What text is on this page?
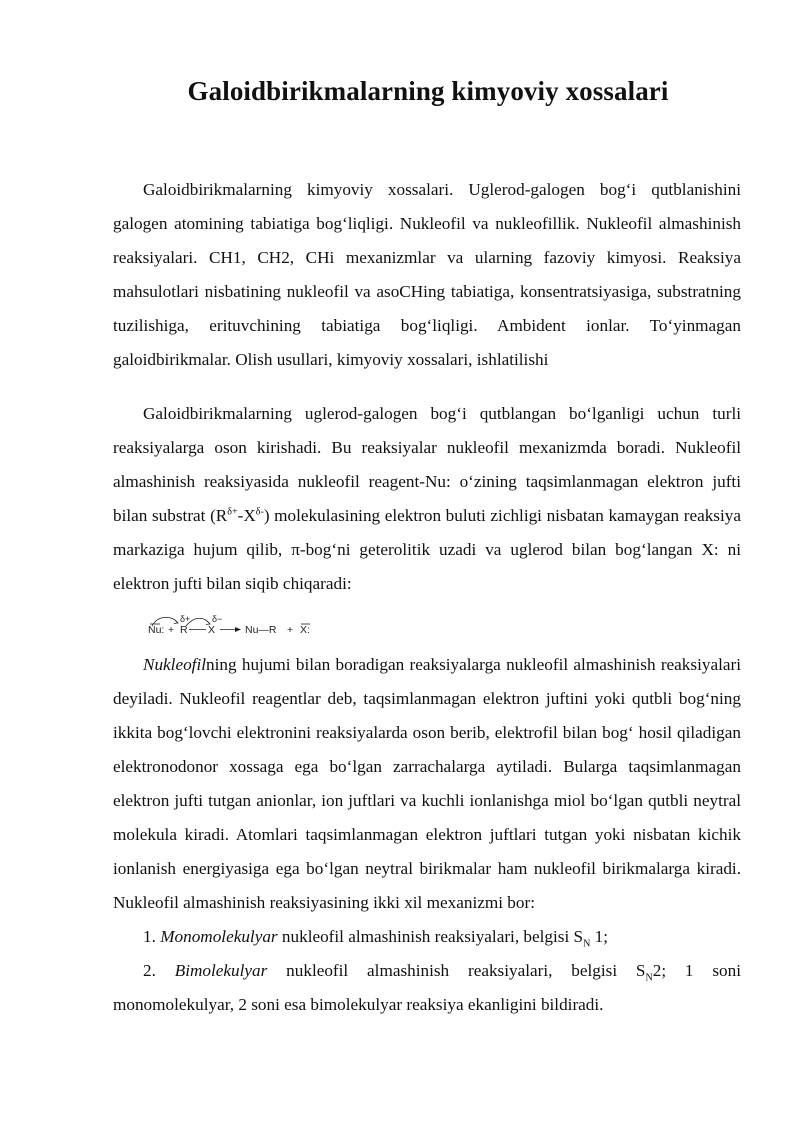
Galoidbirikmalarning kimyoviy xossalari

Galoidbirikmalarning kimyoviy xossalari. Uglerod-galogen bog‘i qutblanishini galogen atomining tabiatiga bog‘liqligi. Nukleofil va nukleofillik. Nukleofil almashinish reaksiyalari. CH1, CH2, CHi mexanizmlar va ularning fazoviy kimyosi. Reaksiya mahsulotlari nisbatining nukleofil va asoCHing tabiatiga, konsentratsiyasiga, substratning tuzilishiga, erituvchining tabiatiga bog‘liqligi. Ambident ionlar. To‘yinmagan galoidbirikmalar. Olish usullari, kimyoviy xossalari, ishlatilishi

Galoidbirikmalarning uglerod-galogen bog‘i qutblangan bo‘lganligi uchun turli reaksiyalarga oson kirishadi. Bu reaksiyalar nukleofil mexanizmda boradi. Nukleofil almashinish reaksiyasida nukleofil reagent-Nu: o‘zining taqsimlanmagan elektron jufti bilan substrat $(R^{\delta+}-X^{\delta-})$ molekulasining elektron buluti zichligi nisbatan kamaygan reaksiya markaziga hujum qilib, π-bog‘ni geterolitik uzadi va uglerod bilan bog‘langan X: ni elektron jufti bilan siqib chiqaradi:

Nu: + R
δ+
X
δ−
Nu—R + X:

Nukleofilning hujumi bilan boradigan reaksiyalarga nukleofil almashinish reaksiyalari deyiladi. Nukleofil reagentlar deb, taqsimlanmagan elektron juftini yoki qutbli bog‘ning ikkita bog‘lovchi elektronini reaksiyalarda oson berib, elektrofil bilan bog‘ hosil qiladigan elektronodonor xossaga ega bo‘lgan zarrachalarga aytiladi. Bularga taqsimlanmagan elektron jufti tutgan anionlar, ion juftlari va kuchli ionlanishga miol bo‘lgan qutbli neytral molekula kiradi. Atomlari taqsimlanmagan elektron juftlari tutgan yoki nisbatan kichik ionlanish energiyasiga ega bo‘lgan neytral birikmalar ham nukleofil birikmalarga kiradi. Nukleofil almashinish reaksiyasining ikki xil mexanizmi bor:

1. Monomolekulyar nukleofil almashinish reaksiyalari, belgisi $S_N$ 1;

2. Bimolekulyar nukleofil almashinish reaksiyalari, belgisi $S_N2$; 1 soni monomolekulyar, 2 soni esa bimolekulyar reaksiya ekanligini bildiradi.
